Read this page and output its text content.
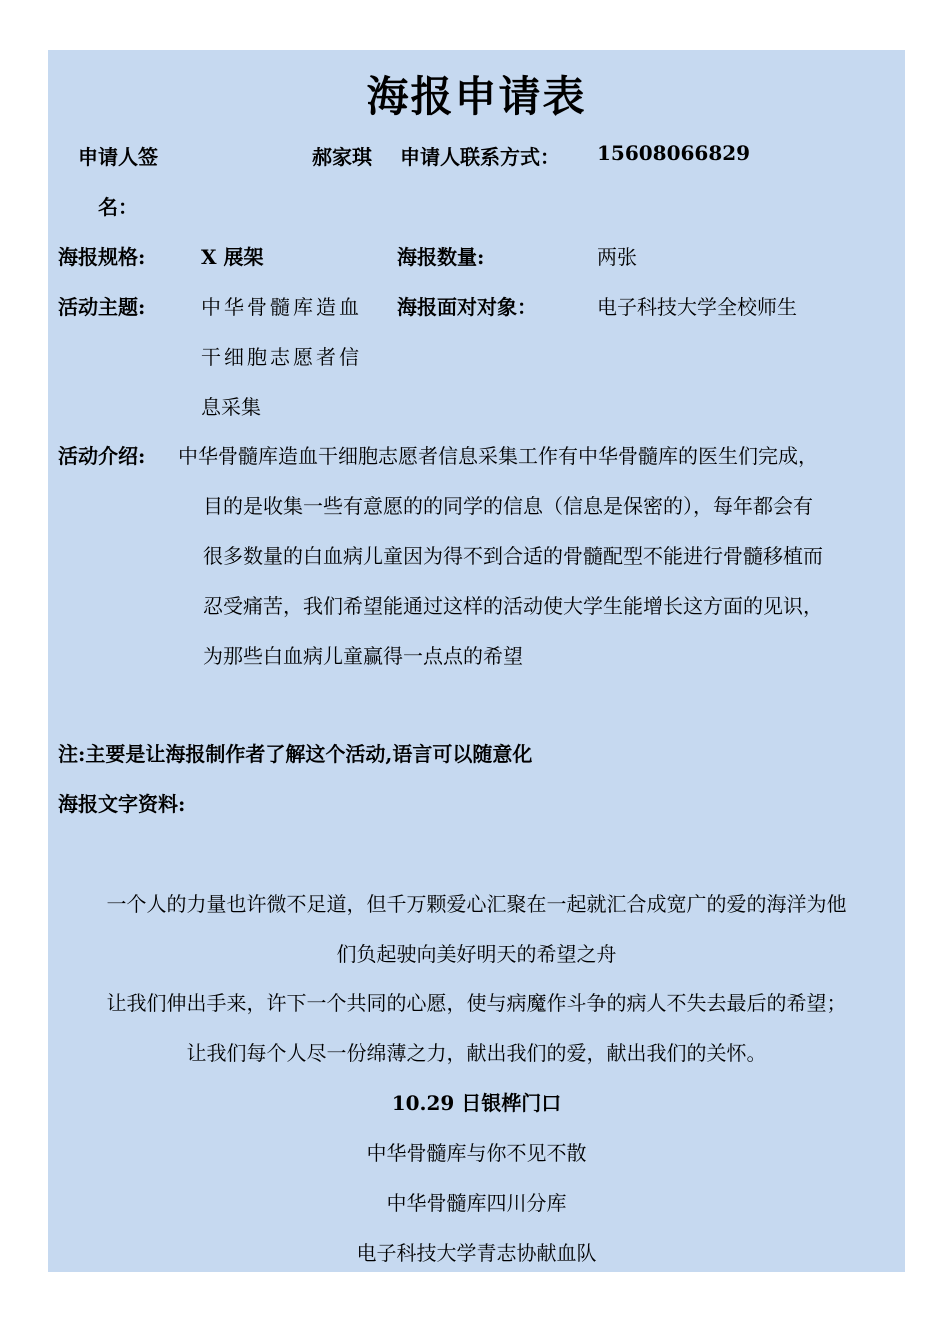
海报申请表
申请人签
名：
郝家琪 申请人联系方式： 15608066829
海报规格:	X 展架	海报数量:	两张
活动主题:	中华骨髓库造血
干细胞志愿者信
息采集
海报面对对象：	电子科技大学全校师生
活动介绍: 中华骨髓库造血干细胞志愿者信息采集工作有中华骨髓库的医生们完成，
目的是收集一些有意愿的的同学的信息（信息是保密的），每年都会有
很多数量的白血病儿童因为得不到合适的骨髓配型不能进行骨髓移植而
忍受痛苦，我们希望能通过这样的活动使大学生能增长这方面的见识，
为那些白血病儿童赢得一点点的希望
注:主要是让海报制作者了解这个活动,语言可以随意化
海报文字资料:
一个人的力量也许微不足道，但千万颗爱心汇聚在一起就汇合成宽广的爱的海洋为他
们负起驶向美好明天的希望之舟
让我们伸出手来，许下一个共同的心愿，使与病魔作斗争的病人不失去最后的希望；
让我们每个人尽一份绵薄之力，献出我们的爱，献出我们的关怀。
10.29 日银桦门口
中华骨髓库与你不见不散
中华骨髓库四川分库
电子科技大学青志协献血队
